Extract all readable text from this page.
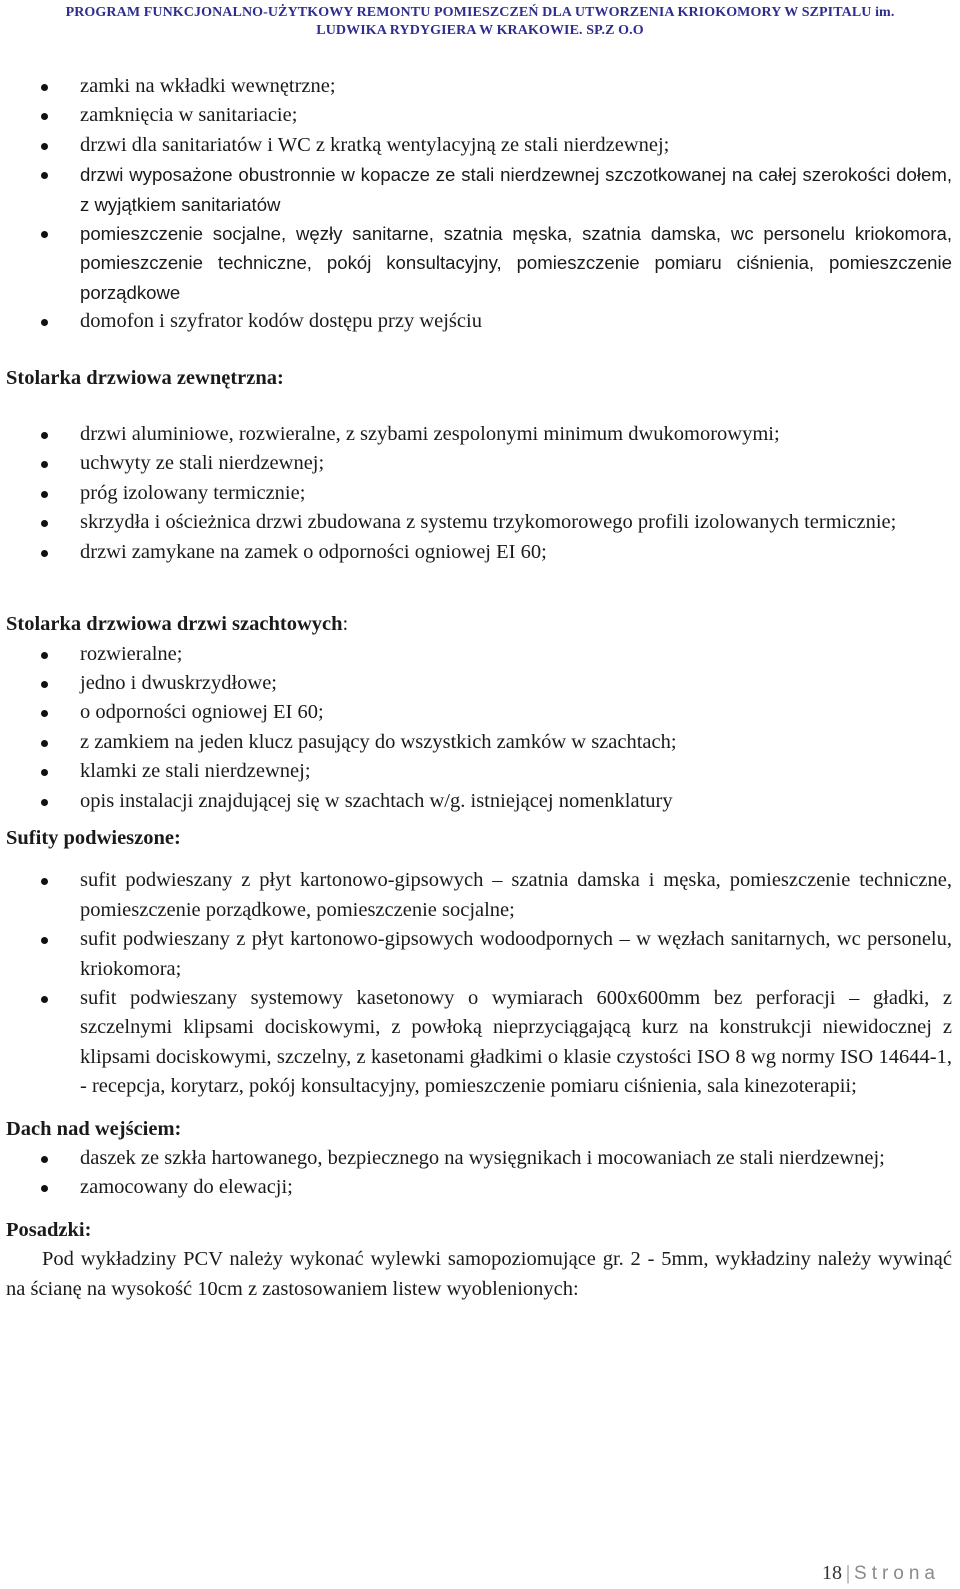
PROGRAM FUNKCJONALNO-UŻYTKOWY REMONTU POMIESZCZEŃ DLA UTWORZENIA KRIOKOMORY W SZPITALU im.
LUDWIKA RYDYGIERA W KRAKOWIE. SP.Z O.O
zamki na wkładki wewnętrzne;
zamknięcia w sanitariacie;
drzwi dla sanitariatów i WC z kratką wentylacyjną ze stali nierdzewnej;
drzwi wyposażone obustronnie w kopacze ze stali nierdzewnej szczotkowanej na całej szerokości dołem, z wyjątkiem sanitariatów
pomieszczenie socjalne, węzły sanitarne, szatnia męska, szatnia damska, wc personelu kriokomora, pomieszczenie techniczne, pokój konsultacyjny, pomieszczenie pomiaru ciśnienia, pomieszczenie porządkowe
domofon i szyfrator kodów dostępu przy wejściu

Stolarka drzwiowa zewnętrzna:

drzwi aluminiowe, rozwieralne, z szybami zespolonymi minimum dwukomorowymi;
uchwyty ze stali nierdzewnej;
próg izolowany termicznie;
skrzydła i ościeżnica drzwi zbudowana z systemu trzykomorowego profili izolowanych termicznie;
drzwi zamykane na zamek o odporności ogniowej EI 60;

Stolarka drzwiowa drzwi szachtowych:

rozwieralne;
jedno i dwuskrzydłowe;
o odporności ogniowej EI 60;
z zamkiem na jeden klucz pasujący do wszystkich zamków w szachtach;
klamki ze stali nierdzewnej;
opis instalacji znajdującej się w szachtach w/g. istniejącej nomenklatury

Sufity podwieszone:

sufit podwieszany z płyt kartonowo-gipsowych – szatnia damska i męska, pomieszczenie techniczne, pomieszczenie porządkowe, pomieszczenie socjalne;
sufit podwieszany z płyt kartonowo-gipsowych wodoodpornych – w węzłach sanitarnych, wc personelu, kriokomora;
sufit podwieszany systemowy kasetonowy o wymiarach 600x600mm bez perforacji – gładki, z szczelnymi klipsami dociskowymi, z powłoką nieprzyciągającą kurz na konstrukcji niewidocznej z klipsami dociskowymi, szczelny, z kasetonami gładkimi o klasie czystości ISO 8 wg normy ISO 14644-1, - recepcja, korytarz, pokój konsultacyjny, pomieszczenie pomiaru ciśnienia, sala kinezoterapii;

Dach nad wejściem:

daszek ze szkła hartowanego, bezpiecznego na wysięgnikach i mocowaniach ze stali nierdzewnej;
zamocowany do elewacji;

Posadzki:

Pod wykładziny PCV należy wykonać wylewki samopoziomujące gr. 2 - 5mm, wykładziny należy wywinąć na ścianę na wysokość 10cm z zastosowaniem listew wyoblenionych:

18 | Strona
